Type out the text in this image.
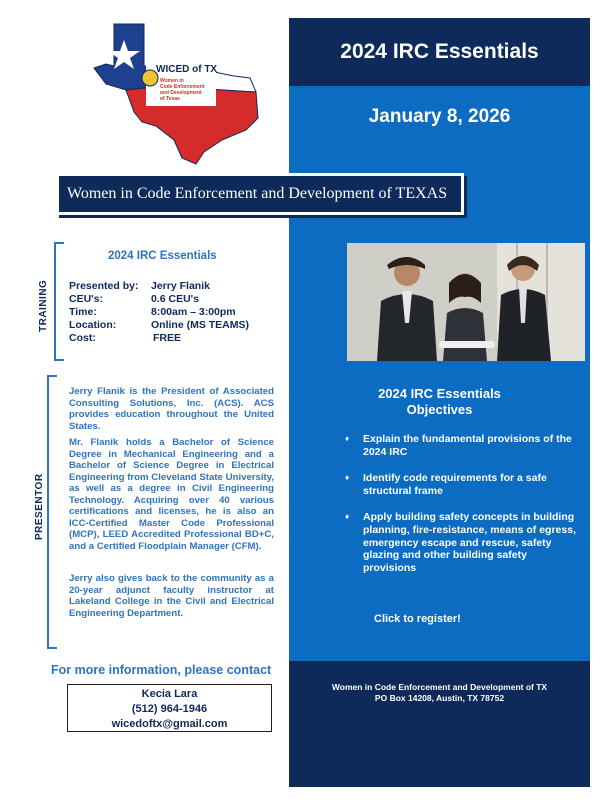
2024 IRC Essentials
January 8, 2026
2024 IRC Essentials
Objectives
♦ Explain the fundamental provisions of the 2024 IRC
♦ Identify code requirements for a safe structural frame
♦ Apply building safety concepts in building planning, fire-resistance, means of egress, emergency escape and rescue, safety glazing and other building safety provisions
Click to register!
Women in Code Enforcement and Development of TX
PO Box 14208, Austin, TX 78752
WICED of TX
Women in
Code Enforcement
and Development
of Texas
Women in Code Enforcement and Development of TEXAS
TRAINING
2024 IRC Essentials
Presented by: Jerry Flanik
CEU's:	0.6 CEU's
Time:	8:00am – 3:00pm
Location:	Online (MS TEAMS)
Cost:	FREE
PRESENTOR

Jerry Flanik is the President of Associated Consulting Solutions, Inc. (ACS). ACS provides education throughout the United States.

Mr. Flanik holds a Bachelor of Science Degree in Mechanical Engineering and a Bachelor of Science Degree in Electrical Engineering from Cleveland State University, as well as a degree in Civil Engineering Technology. Acquiring over 40 various certifications and licenses, he is also an ICC-Certified Master Code Professional (MCP), LEED Accredited Professional BD+C, and a Certified Floodplain Manager (CFM).

Jerry also gives back to the community as a 20-year adjunct faculty instructor at Lakeland College in the Civil and Electrical Engineering Department.

For more information, please contact
Kecia Lara
(512) 964-1946
wicedoftx@gmail.com
